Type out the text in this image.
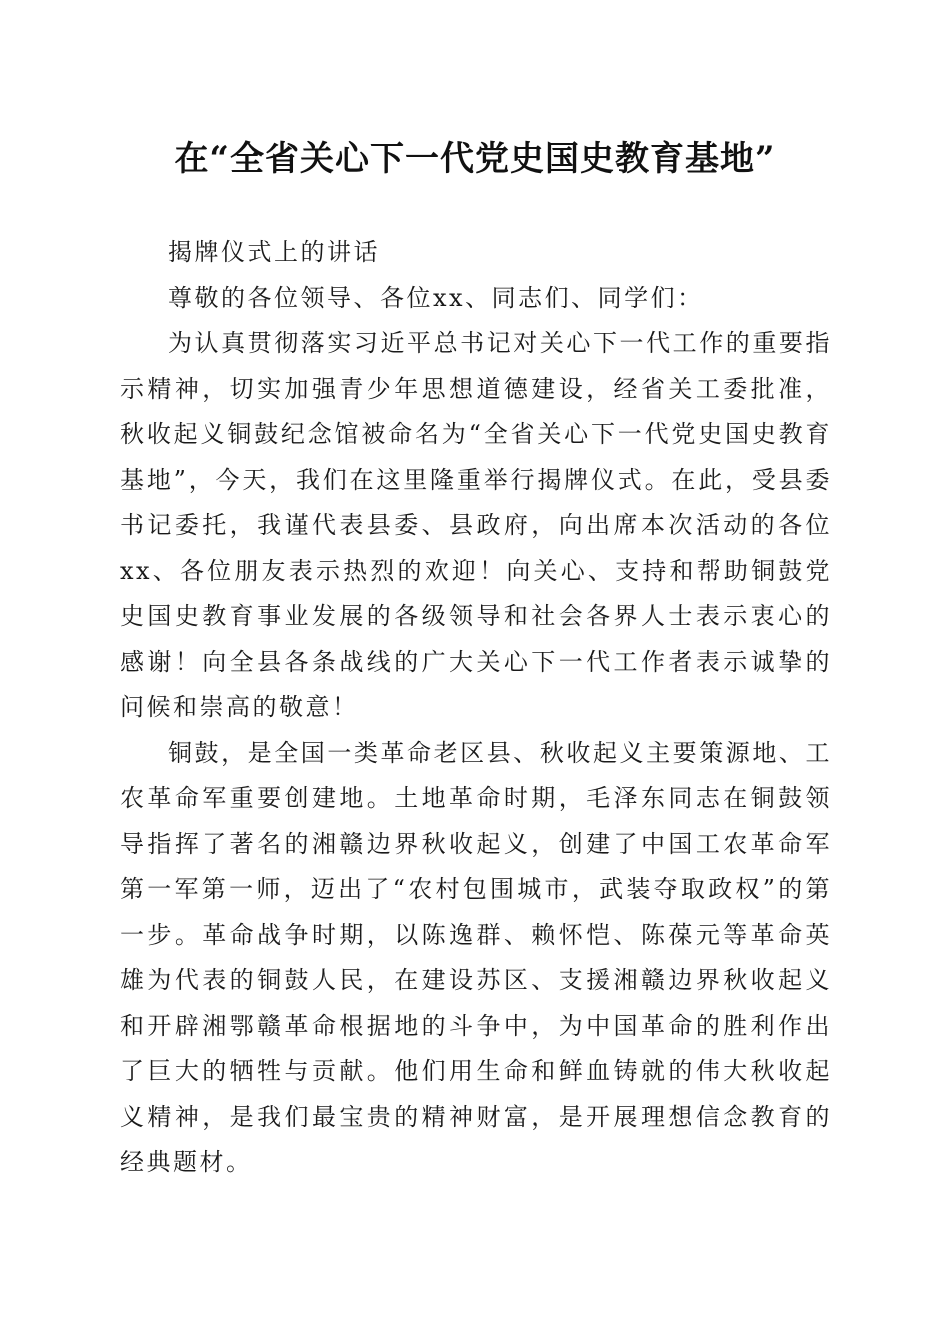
在“全省关心下一代党史国史教育基地”

揭牌仪式上的讲话

尊敬的各位领导、各位xx、同志们、同学们：

为认真贯彻落实习近平总书记对关心下一代工作的重要指示精神，切实加强青少年思想道德建设，经省关工委批准，秋收起义铜鼓纪念馆被命名为“全省关心下一代党史国史教育基地”，今天，我们在这里隆重举行揭牌仪式。在此，受县委书记委托，我谨代表县委、县政府，向出席本次活动的各位xx、各位朋友表示热烈的欢迎！向关心、支持和帮助铜鼓党史国史教育事业发展的各级领导和社会各界人士表示衷心的感谢！向全县各条战线的广大关心下一代工作者表示诚挚的问候和崇高的敬意！

铜鼓，是全国一类革命老区县、秋收起义主要策源地、工农革命军重要创建地。土地革命时期，毛泽东同志在铜鼓领导指挥了著名的湘赣边界秋收起义，创建了中国工农革命军第一军第一师，迈出了“农村包围城市，武装夺取政权”的第一步。革命战争时期，以陈逸群、赖怀恺、陈葆元等革命英雄为代表的铜鼓人民，在建设苏区、支援湘赣边界秋收起义和开辟湘鄂赣革命根据地的斗争中，为中国革命的胜利作出了巨大的牺牲与贡献。他们用生命和鲜血铸就的伟大秋收起义精神，是我们最宝贵的精神财富，是开展理想信念教育的经典题材。
